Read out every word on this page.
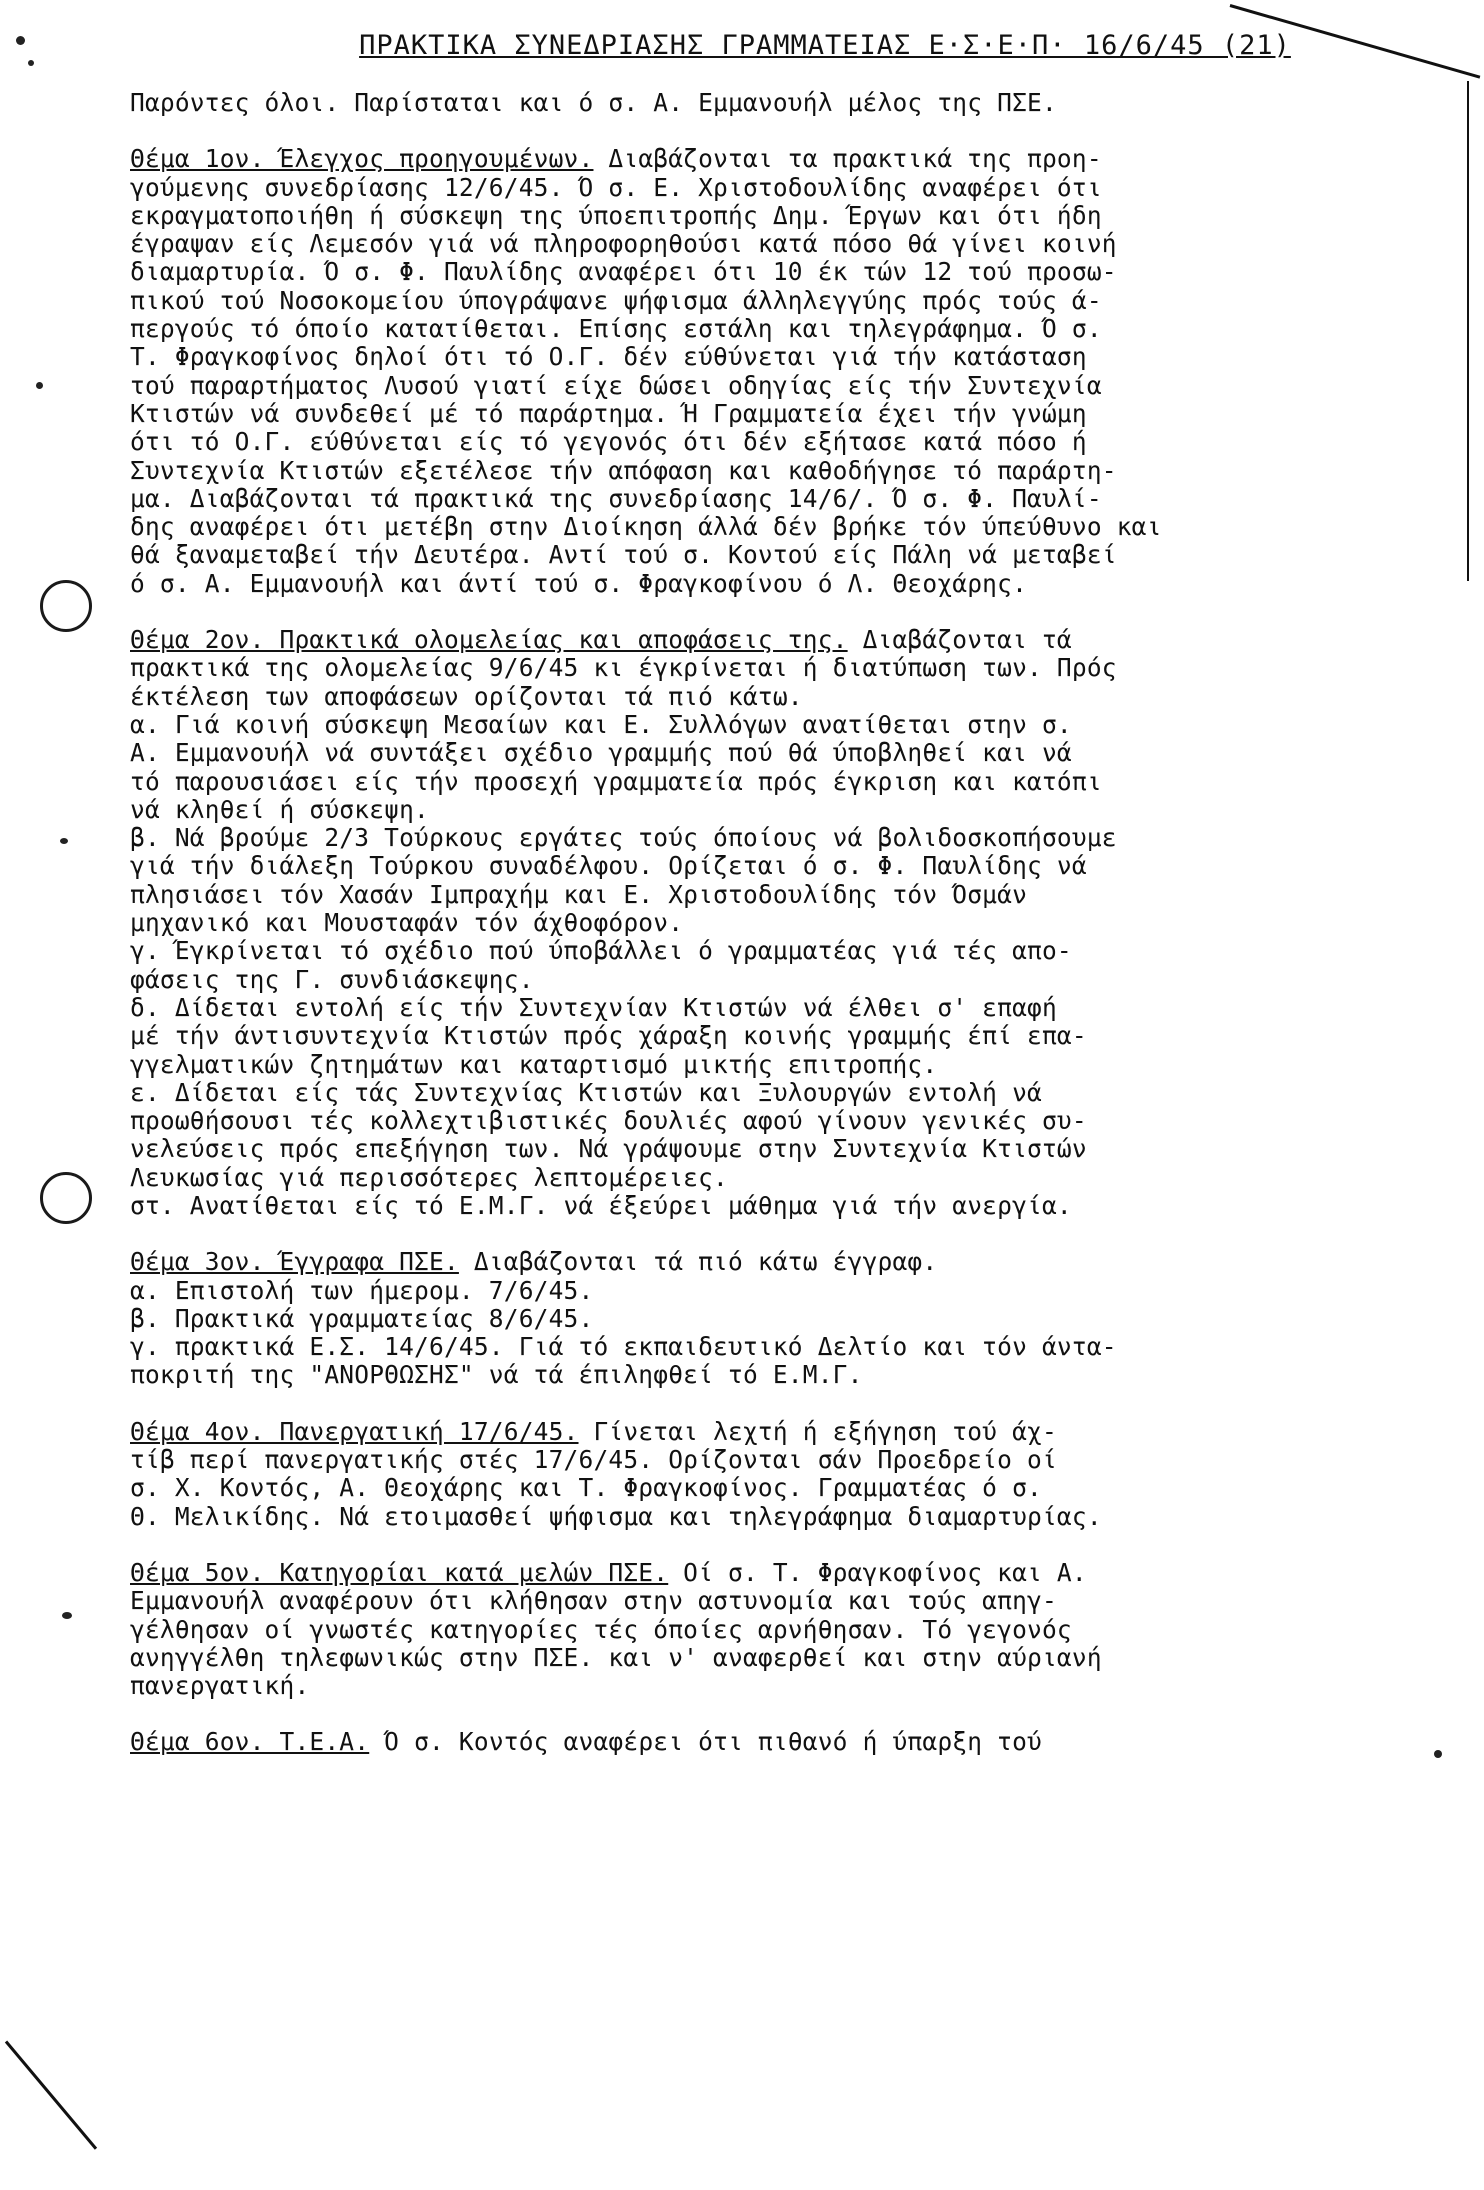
ΠΡΑΚΤΙΚΑ ΣΥΝΕΔΡΙΑΣΗΣ ΓΡΑΜΜΑΤΕΙΑΣ Ε·Σ·Ε·Π· 16/6/45 (21)
Παρόντες όλοι. Παρίσταται και ό σ. Α. Εμμανουήλ μέλος της ΠΣΕ.
Θέμα 1ον. Έλεγχος προηγουμένων. Διαβάζονται τα πρακτικά της προη-
γούμενης συνεδρίασης 12/6/45. Ό σ. Ε. Χριστοδουλίδης αναφέρει ότι
εκραγματοποιήθη ή σύσκεψη της ύποεπιτροπής Δημ. Έργων και ότι ήδη
έγραψαν είς Λεμεσόν γιά νά πληροφορηθούσι κατά πόσο θά γίνει κοινή
διαμαρτυρία. Ό σ. Φ. Παυλίδης αναφέρει ότι 10 έκ τών 12 τού προσω-
πικού τού Νοσοκομείου ύπογράψανε ψήφισμα άλληλεγγύης πρός τούς ά-
περγούς τό όποίο κατατίθεται. Επίσης εστάλη και τηλεγράφημα. Ό σ.
Τ. Φραγκοφίνος δηλοί ότι τό Ο.Γ. δέν εύθύνεται γιά τήν κατάσταση
τού παραρτήματος Λυσού γιατί είχε δώσει οδηγίας είς τήν Συντεχνία
Κτιστών νά συνδεθεί μέ τό παράρτημα. Ή Γραμματεία έχει τήν γνώμη
ότι τό Ο.Γ. εύθύνεται είς τό γεγονός ότι δέν εξήτασε κατά πόσο ή
Συντεχνία Κτιστών εξετέλεσε τήν απόφαση και καθοδήγησε τό παράρτη-
μα. Διαβάζονται τά πρακτικά της συνεδρίασης 14/6/. Ό σ. Φ. Παυλί-
δης αναφέρει ότι μετέβη στην Διοίκηση άλλά δέν βρήκε τόν ύπεύθυνο και
θά ξαναμεταβεί τήν Δευτέρα. Αντί τού σ. Κοντού είς Πάλη νά μεταβεί
ό σ. Α. Εμμανουήλ και άντί τού σ. Φραγκοφίνου ό Λ. Θεοχάρης.
Θέμα 2ον. Πρακτικά ολομελείας και αποφάσεις της. Διαβάζονται τά
πρακτικά της ολομελείας 9/6/45 κι έγκρίνεται ή διατύπωση των. Πρός
έκτέλεση των αποφάσεων ορίζονται τά πιό κάτω.
α. Γιά κοινή σύσκεψη Μεσαίων και Ε. Συλλόγων ανατίθεται στην σ.
Α. Εμμανουήλ νά συντάξει σχέδιο γραμμής πού θά ύποβληθεί και νά
τό παρουσιάσει είς τήν προσεχή γραμματεία πρός έγκριση και κατόπι
νά κληθεί ή σύσκεψη.
β. Νά βρούμε 2/3 Τούρκους εργάτες τούς όποίους νά βολιδοσκοπήσουμε
γιά τήν διάλεξη Τούρκου συναδέλφου. Ορίζεται ό σ. Φ. Παυλίδης νά
πλησιάσει τόν Χασάν Ιμπραχήμ και Ε. Χριστοδουλίδης τόν Όσμάν
μηχανικό και Μουσταφάν τόν άχθοφόρον.
γ. Έγκρίνεται τό σχέδιο πού ύποβάλλει ό γραμματέας γιά τές απο-
φάσεις της Γ. συνδιάσκεψης.
δ. Δίδεται εντολή είς τήν Συντεχνίαν Κτιστών νά έλθει σ' επαφή
μέ τήν άντισυντεχνία Κτιστών πρός χάραξη κοινής γραμμής έπί επα-
γγελματικών ζητημάτων και καταρτισμό μικτής επιτροπής.
ε. Δίδεται είς τάς Συντεχνίας Κτιστών και Ξυλουργών εντολή νά
προωθήσουσι τές κολλεχτιβιστικές δουλιές αφού γίνουν γενικές συ-
νελεύσεις πρός επεξήγηση των. Νά γράψουμε στην Συντεχνία Κτιστών
Λευκωσίας γιά περισσότερες λεπτομέρειες.
στ. Ανατίθεται είς τό Ε.Μ.Γ. νά έξεύρει μάθημα γιά τήν ανεργία.
Θέμα 3ον. Έγγραφα ΠΣΕ. Διαβάζονται τά πιό κάτω έγγραφ.
α. Επιστολή των ήμερομ. 7/6/45.
β. Πρακτικά γραμματείας 8/6/45.
γ. πρακτικά Ε.Σ. 14/6/45. Γιά τό εκπαιδευτικό Δελτίο και τόν άντα-
ποκριτή της "ΑΝΟΡΘΩΣΗΣ" νά τά έπιληφθεί τό Ε.Μ.Γ.
Θέμα 4ον. Πανεργατική 17/6/45. Γίνεται λεχτή ή εξήγηση τού άχ-
τίβ περί πανεργατικής στές 17/6/45. Ορίζονται σάν Προεδρείο οί
σ. Χ. Κοντός, Α. Θεοχάρης και Τ. Φραγκοφίνος. Γραμματέας ό σ.
Θ. Μελικίδης. Νά ετοιμασθεί ψήφισμα και τηλεγράφημα διαμαρτυρίας.
Θέμα 5ον. Κατηγορίαι κατά μελών ΠΣΕ. Οί σ. Τ. Φραγκοφίνος και Α.
Εμμανουήλ αναφέρουν ότι κλήθησαν στην αστυνομία και τούς απηγ-
γέλθησαν οί γνωστές κατηγορίες τές όποίες αρνήθησαν. Τό γεγονός
ανηγγέλθη τηλεφωνικώς στην ΠΣΕ. και ν' αναφερθεί και στην αύριανή
πανεργατική.
Θέμα 6ον. Τ.Ε.Α. Ό σ. Κοντός αναφέρει ότι πιθανό ή ύπαρξη τού
